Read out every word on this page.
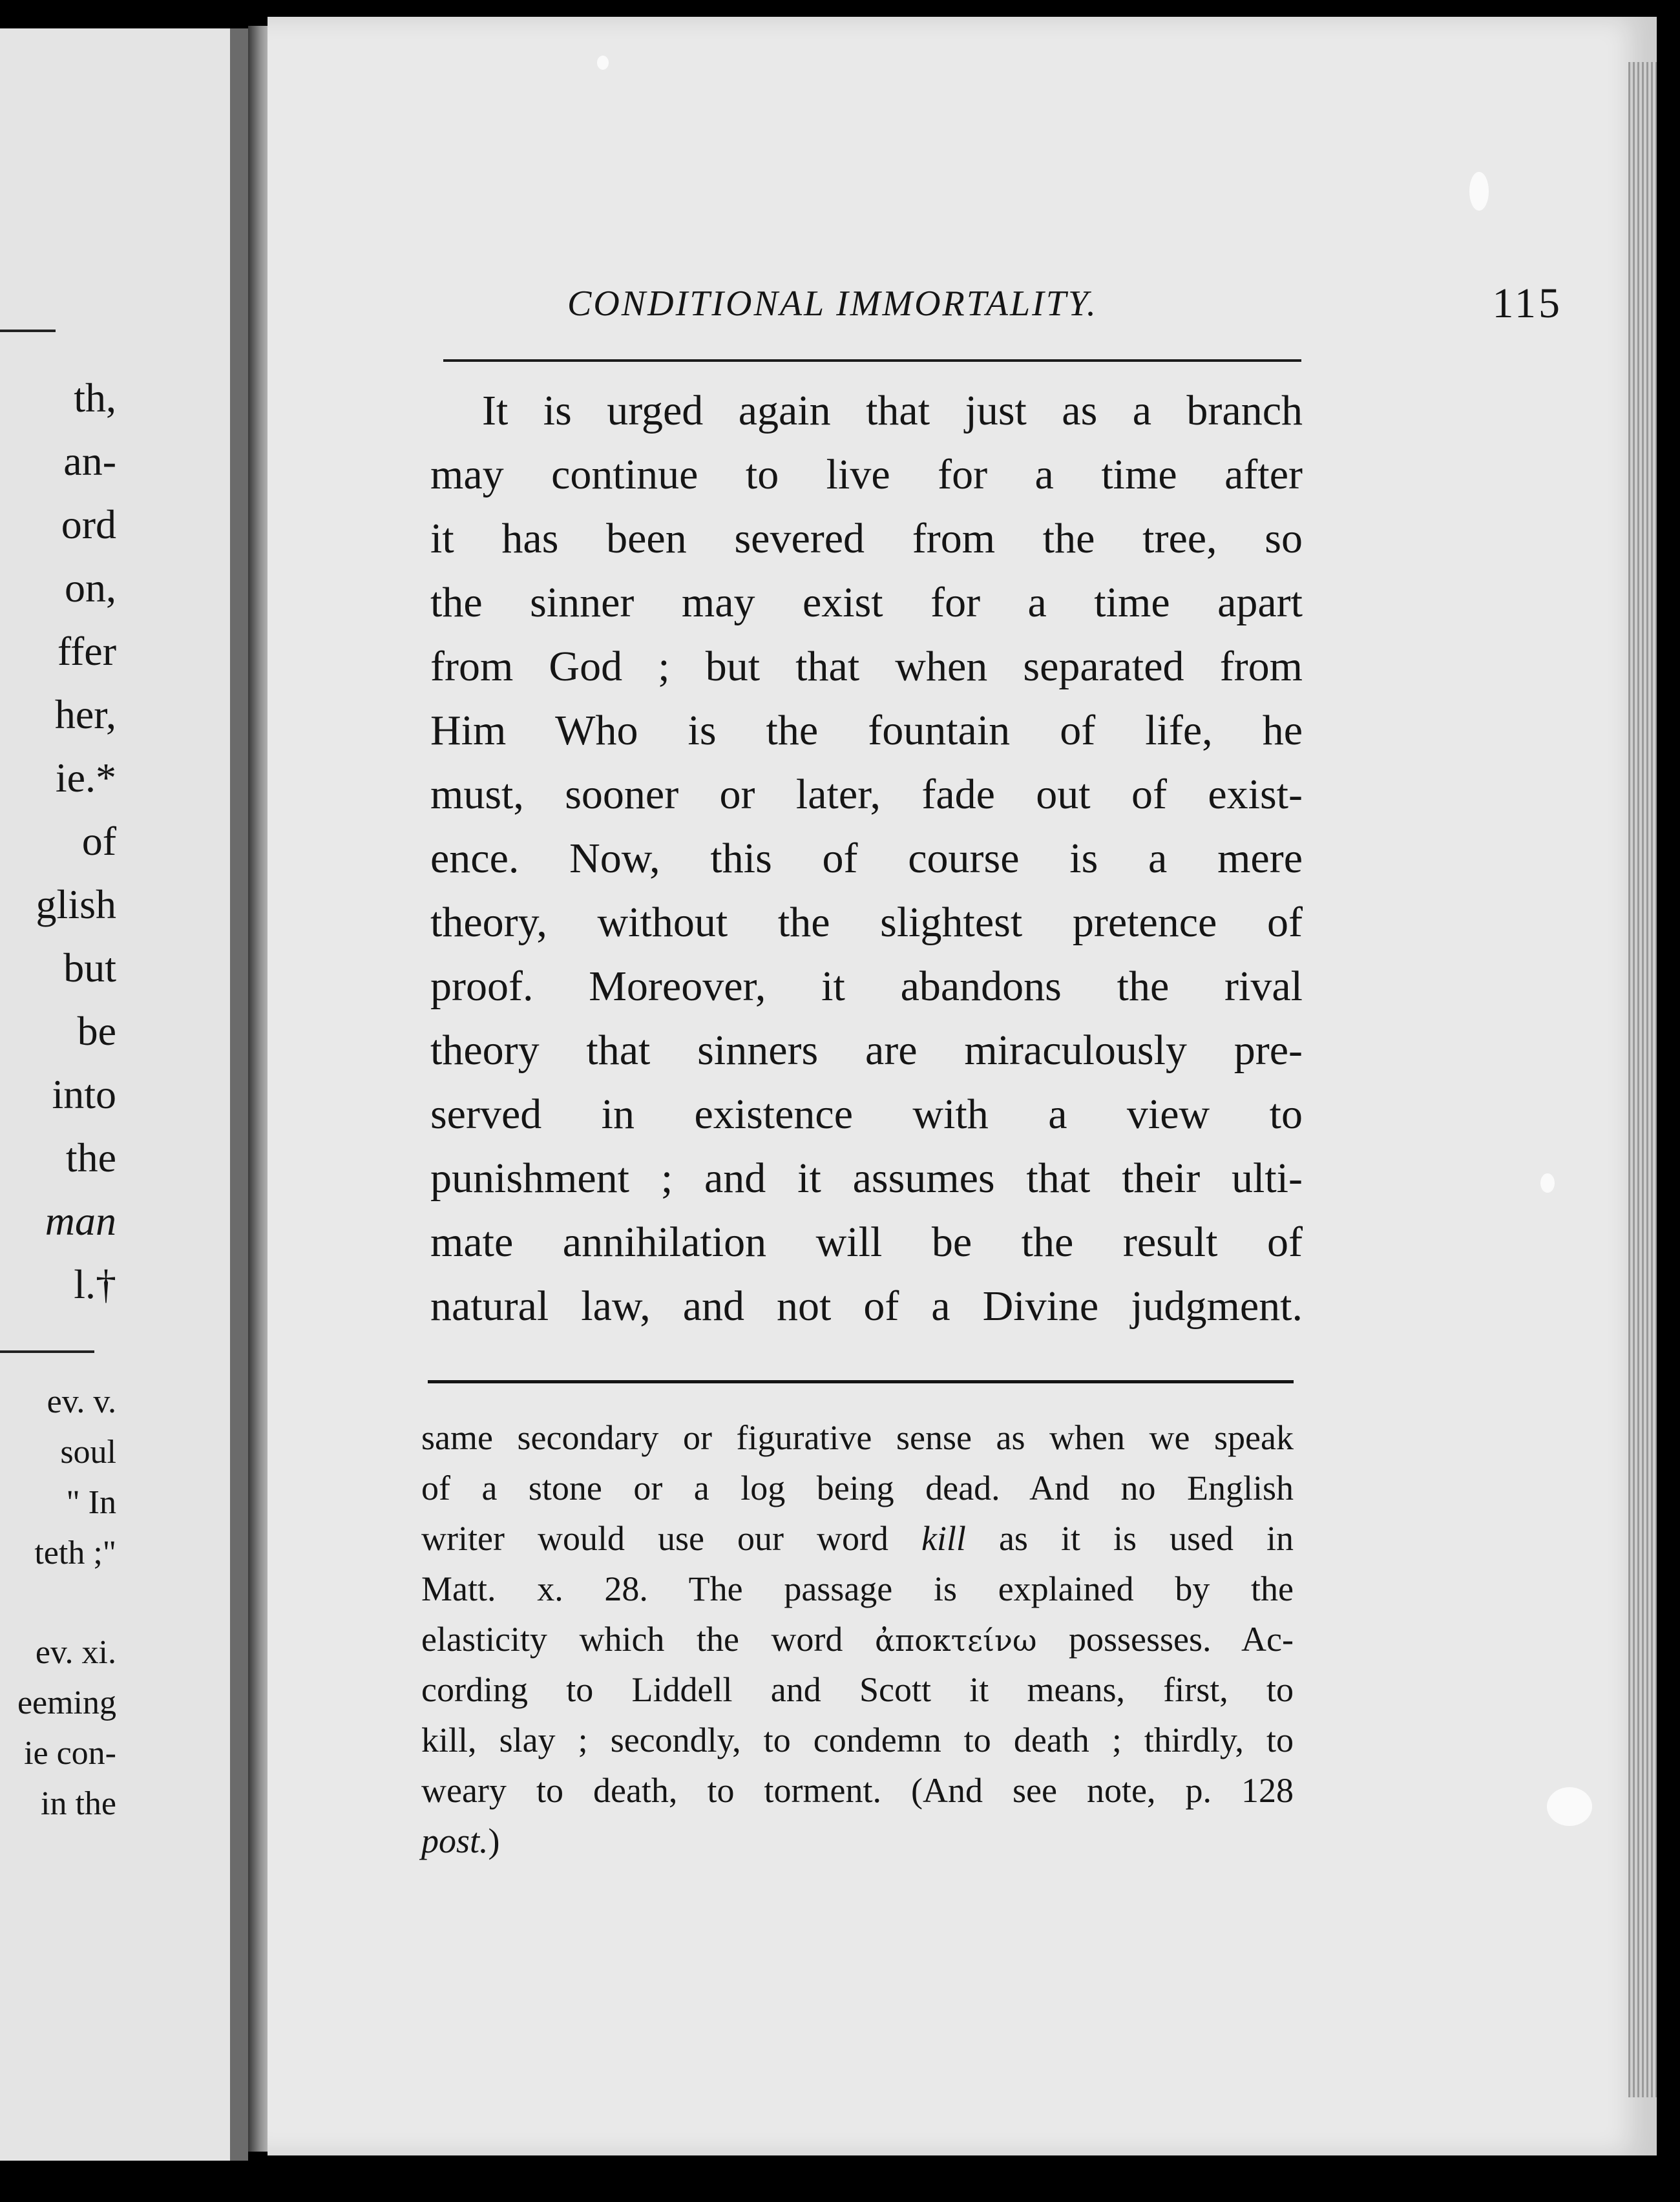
th,
an-
ord
on,
ffer
her,
ie.*
of
glish
but
be
into
the
man
l.†
ev. v.
soul
" In
teth ;"
ev. xi.
eeming
ie con-
in the
CONDITIONAL IMMORTALITY.	115
It is urged again that just as a branch
may continue to live for a time after
it has been severed from the tree, so
the sinner may exist for a time apart
from God ; but that when separated from
Him Who is the fountain of life, he
must, sooner or later, fade out of exist-
ence. Now, this of course is a mere
theory, without the slightest pretence of
proof. Moreover, it abandons the rival
theory that sinners are miraculously pre-
served in existence with a view to
punishment ; and it assumes that their ulti-
mate annihilation will be the result of
natural law, and not of a Divine judgment.
same secondary or figurative sense as when we speak
of a stone or a log being dead. And no English
writer would use our word kill as it is used in
Matt. x. 28. The passage is explained by the
elasticity which the word ἀποκτείνω possesses. Ac-
cording to Liddell and Scott it means, first, to
kill, slay ; secondly, to condemn to death ; thirdly, to
weary to death, to torment. (And see note, p. 128
post.)
